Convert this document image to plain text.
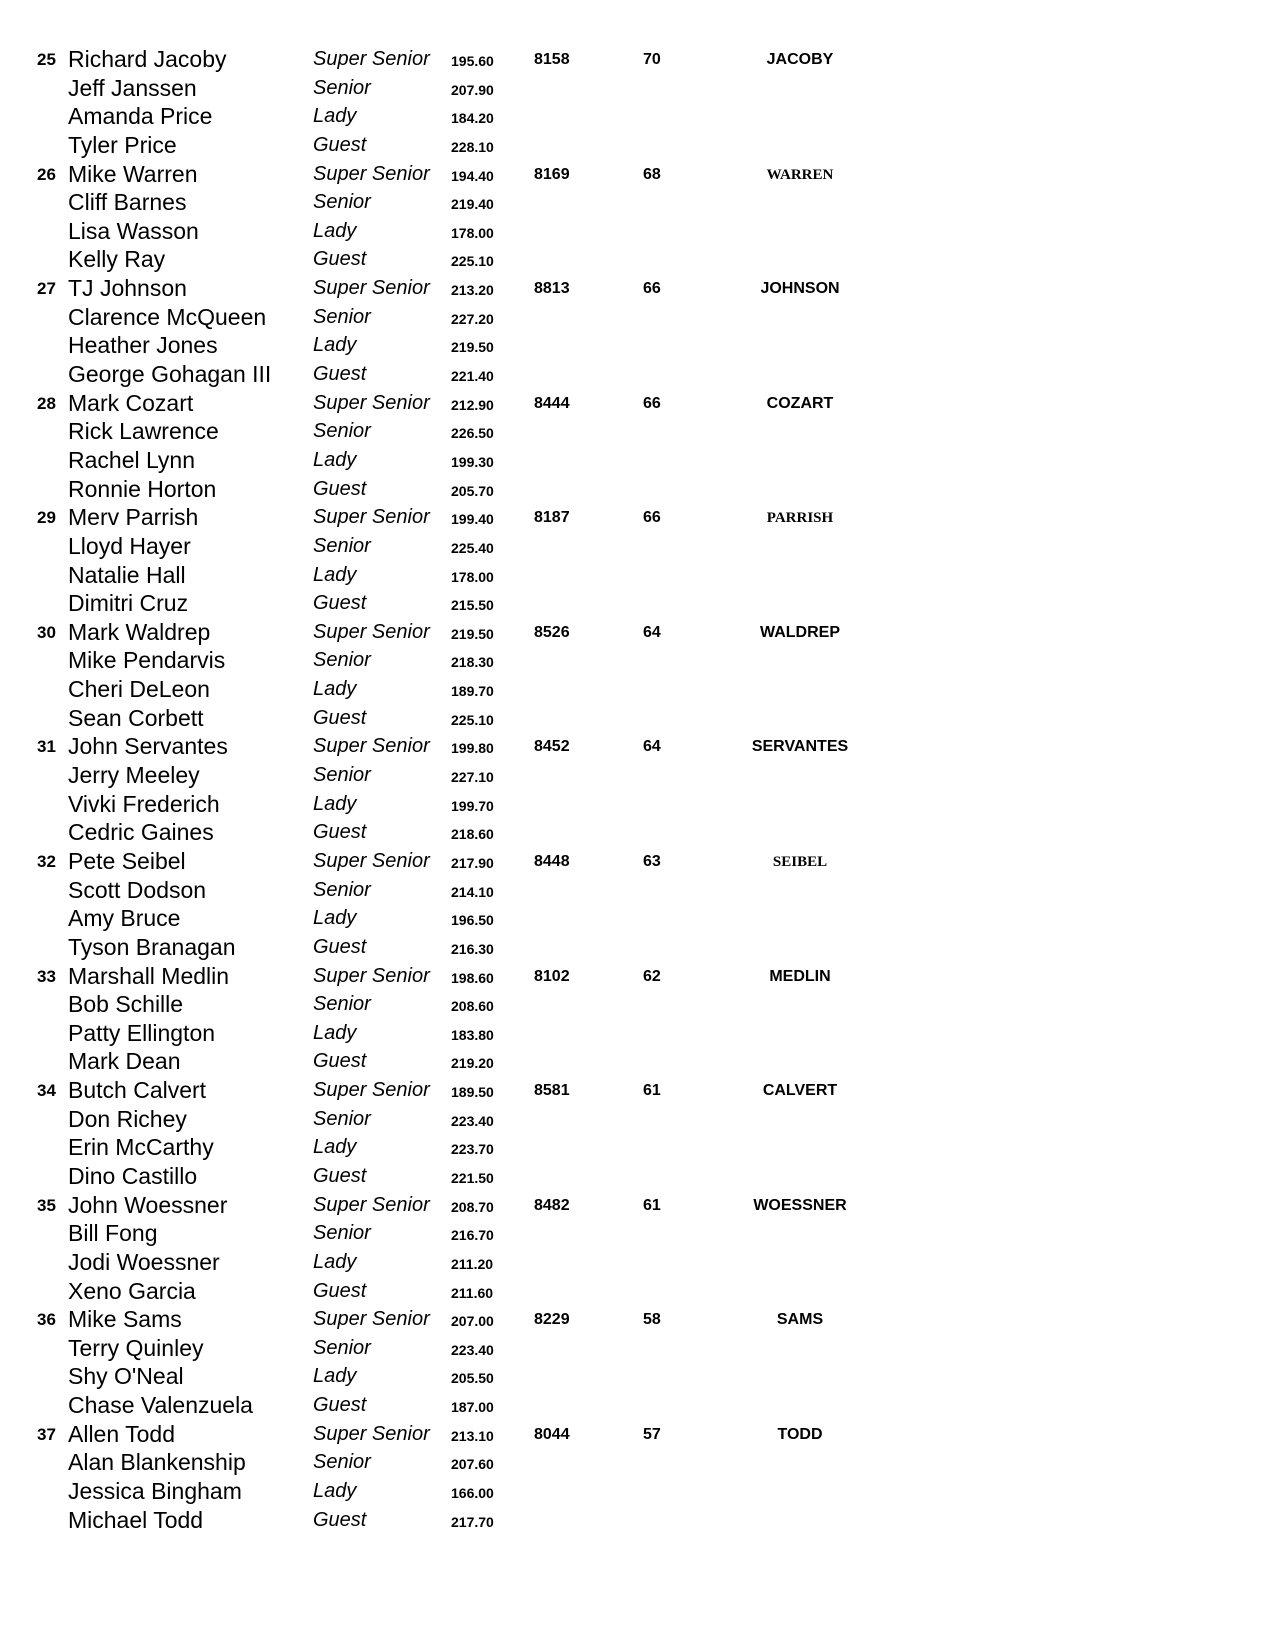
25 Richard Jacoby	Super Senior 195.60	8158	70	JACOBY
Jeff Janssen	Senior	207.90
Amanda Price	Lady	184.20
Tyler Price	Guest	228.10
26 Mike Warren	Super Senior 194.40	8169	68	WARREN
Cliff Barnes	Senior	219.40
Lisa Wasson	Lady	178.00
Kelly Ray	Guest	225.10
27 TJ Johnson	Super Senior 213.20	8813	66	JOHNSON
Clarence McQueen Senior	227.20
Heather Jones	Lady	219.50
George Gohagan III Guest	221.40
28 Mark Cozart	Super Senior 212.90	8444	66	COZART
Rick Lawrence	Senior	226.50
Rachel Lynn	Lady	199.30
Ronnie Horton	Guest	205.70
29 Merv Parrish	Super Senior 199.40	8187	66	PARRISH
Lloyd Hayer	Senior	225.40
Natalie Hall	Lady	178.00
Dimitri Cruz	Guest	215.50
30 Mark Waldrep	Super Senior 219.50	8526	64	WALDREP
Mike Pendarvis	Senior	218.30
Cheri DeLeon	Lady	189.70
Sean Corbett	Guest	225.10
31 John Servantes	Super Senior 199.80	8452	64	SERVANTES
Jerry Meeley	Senior	227.10
Vivki Frederich	Lady	199.70
Cedric Gaines	Guest	218.60
32 Pete Seibel	Super Senior 217.90	8448	63	SEIBEL
Scott Dodson	Senior	214.10
Amy Bruce	Lady	196.50
Tyson Branagan	Guest	216.30
33 Marshall Medlin	Super Senior 198.60	8102	62	MEDLIN
Bob Schille	Senior	208.60
Patty Ellington	Lady	183.80
Mark Dean	Guest	219.20
34 Butch Calvert	Super Senior 189.50	8581	61	CALVERT
Don Richey	Senior	223.40
Erin McCarthy	Lady	223.70
Dino Castillo	Guest	221.50
35 John Woessner	Super Senior 208.70	8482	61	WOESSNER
Bill Fong	Senior	216.70
Jodi Woessner	Lady	211.20
Xeno Garcia	Guest	211.60
36 Mike Sams	Super Senior 207.00	8229	58	SAMS
Terry Quinley	Senior	223.40
Shy O'Neal	Lady	205.50
Chase Valenzuela	Guest	187.00
37 Allen Todd	Super Senior 213.10	8044	57	TODD
Alan Blankenship	Senior	207.60
Jessica Bingham	Lady	166.00
Michael Todd	Guest	217.70
